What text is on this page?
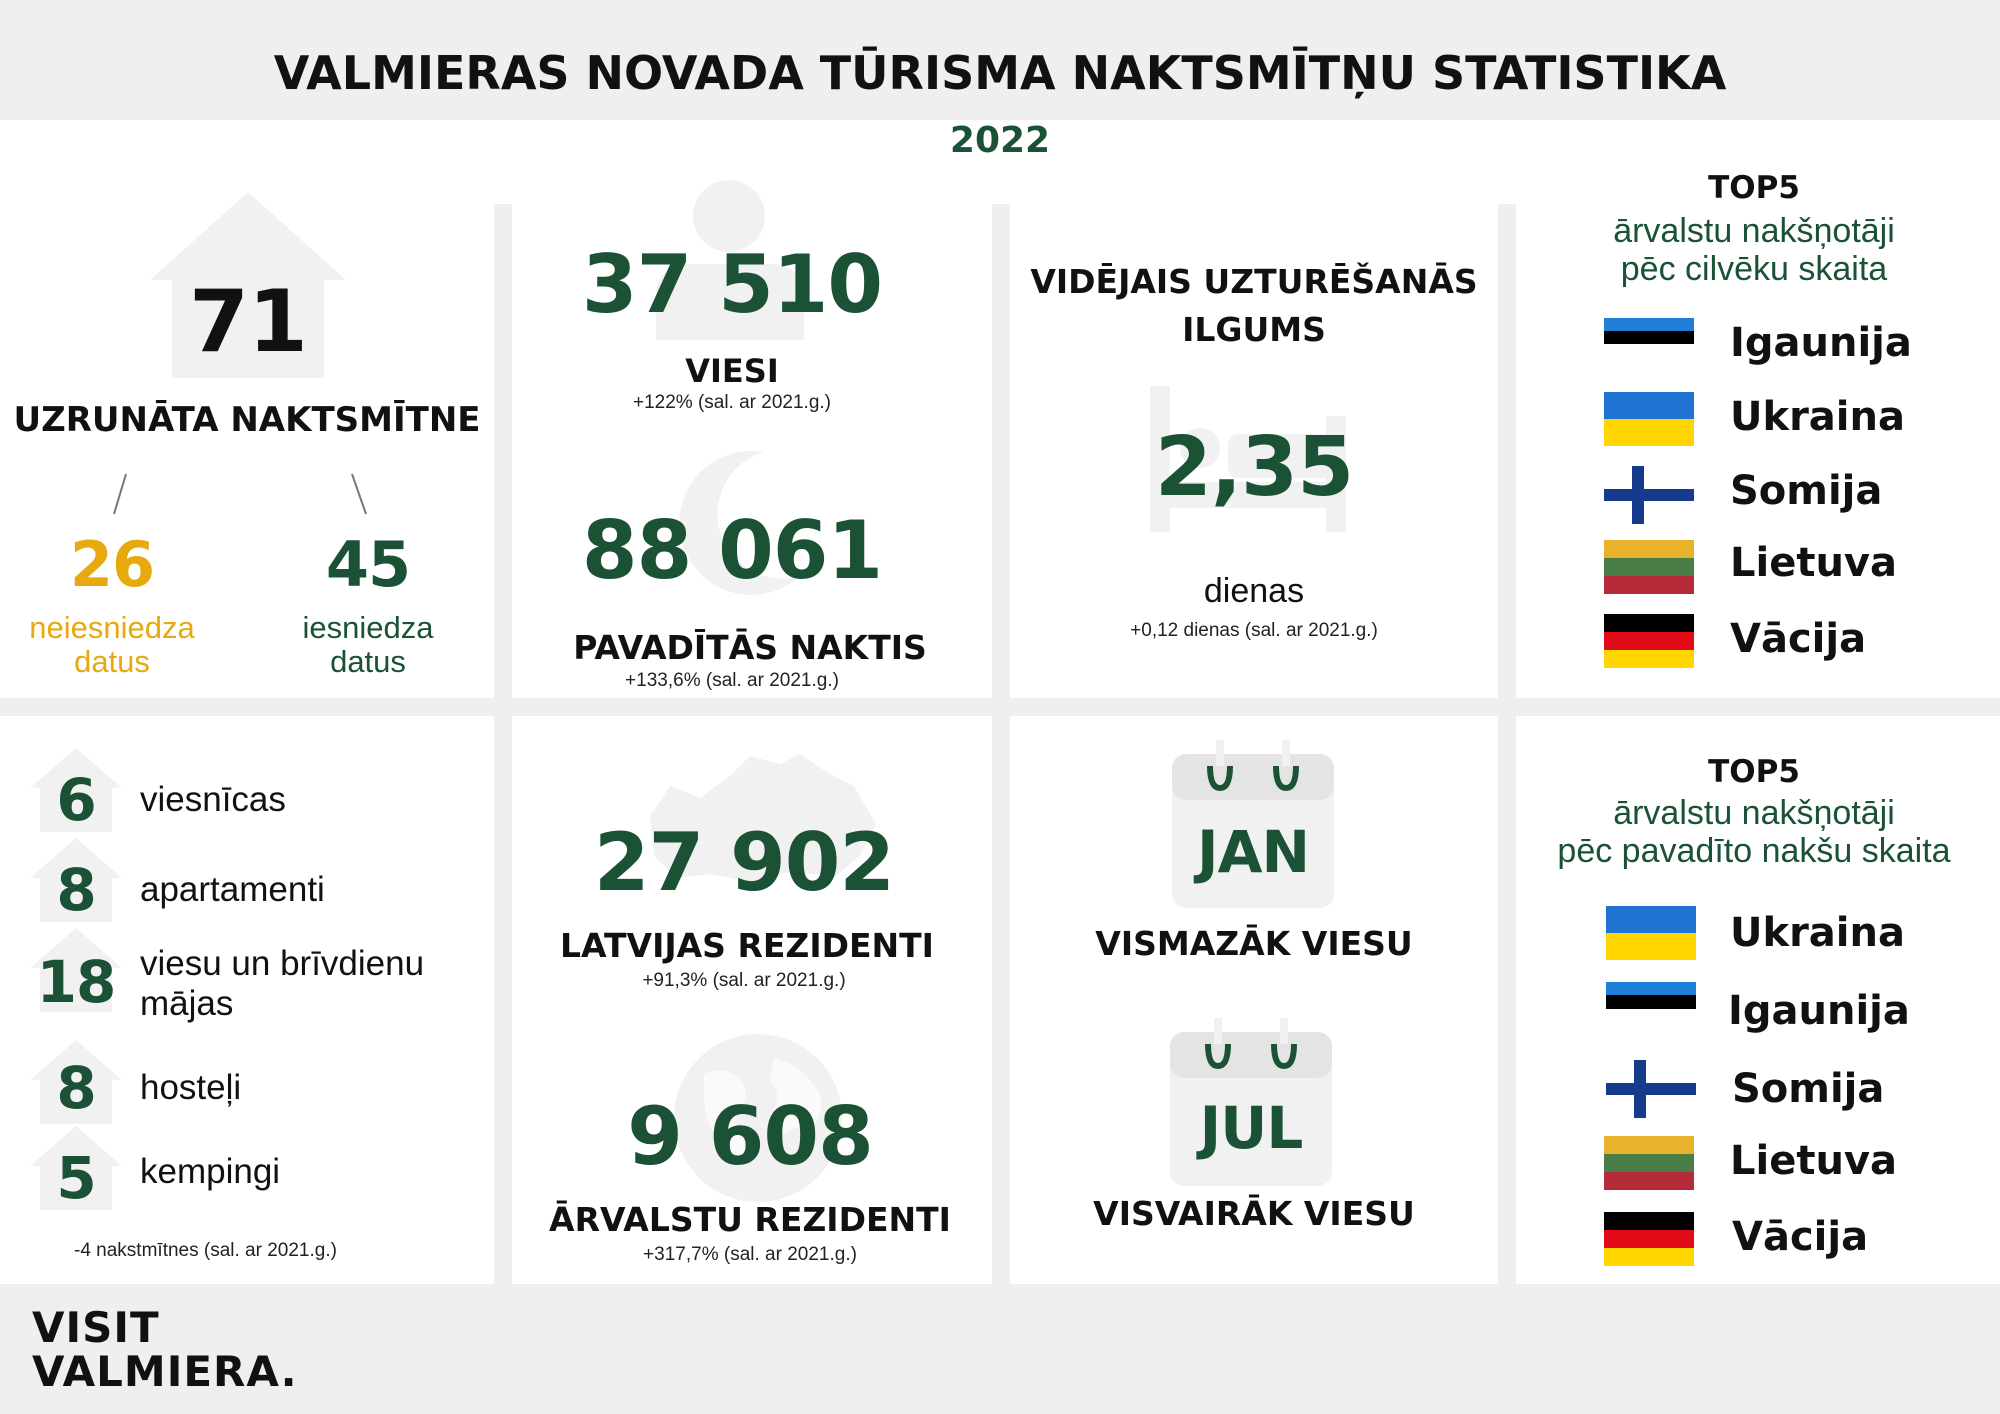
VALMIERAS NOVADA TŪRISMA NAKTSMĪTŅU STATISTIKA
2022
71
UZRUNĀTA NAKTSMĪTNE
26
neiesniedza
datus
45
iesniedza
datus
37 510
VIESI
+122% (sal. ar 2021.g.)
88 061
PAVADĪTĀS NAKTIS
+133,6% (sal. ar 2021.g.)
VIDĒJAIS UZTURĒŠANĀS
ILGUMS
2,35
dienas
+0,12 dienas (sal. ar 2021.g.)
TOP5
ārvalstu nakšņotāji
pēc cilvēku skaita
Igaunija
Ukraina
Somija
Lietuva
Vācija
6	viesnīcas
8	apartamenti
18 viesu un brīvdienu
mājas
8	hosteļi
5	kempingi
-4 nakstmītnes (sal. ar 2021.g.)
27 902
LATVIJAS REZIDENTI
+91,3% (sal. ar 2021.g.)
9 608
ĀRVALSTU REZIDENTI
+317,7% (sal. ar 2021.g.)
JAN
VISMAZĀK VIESU
JUL
VISVAIRĀK VIESU
TOP5
ārvalstu nakšņotāji
pēc pavadīto nakšu skaita
Ukraina
Igaunija
Somija
Lietuva
Vācija
VISIT
VALMIERA.
